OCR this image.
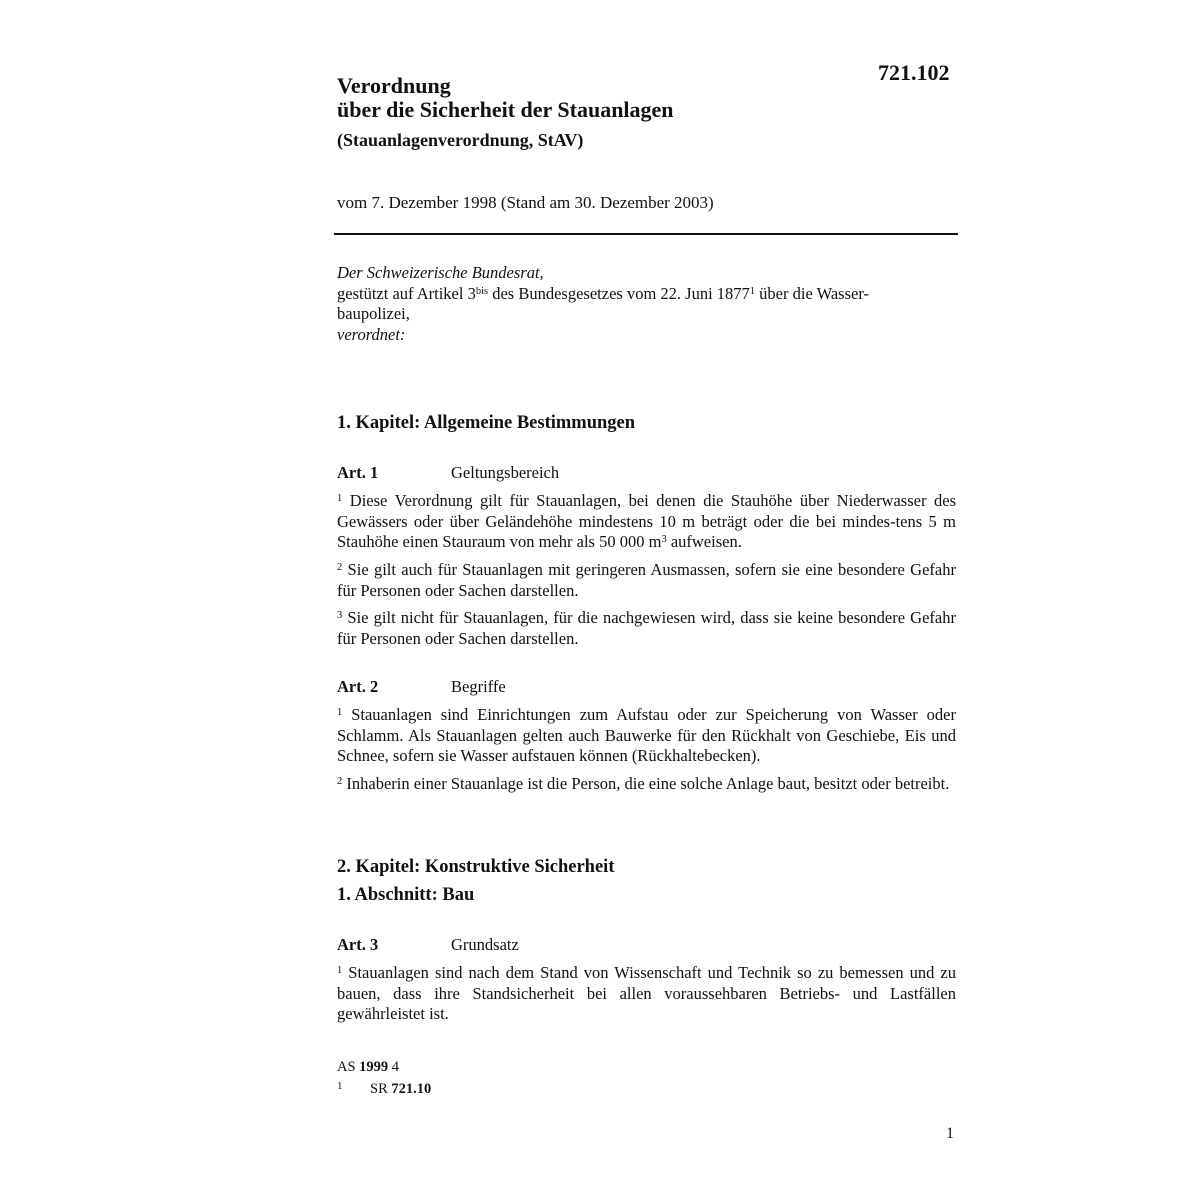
721.102
Verordnung
über die Sicherheit der Stauanlagen
(Stauanlagenverordnung, StAV)
vom 7. Dezember 1998 (Stand am 30. Dezember 2003)

Der Schweizerische Bundesrat,

gestützt auf Artikel $3^{bis}$ des Bundesgesetzes vom 22. Juni 1877$^1$ über die Wasser-
baupolizei,

verordnet:

1. Kapitel: Allgemeine Bestimmungen
Art. 1	Geltungsbereich
$^1$ Diese Verordnung gilt für Stauanlagen, bei denen die Stauhöhe über Niederwasser des Gewässers oder über Geländehöhe mindestens 10 m beträgt oder die bei mindes-tens 5 m Stauhöhe einen Stauraum von mehr als 50 000 $m^3$ aufweisen.
$^2$ Sie gilt auch für Stauanlagen mit geringeren Ausmassen, sofern sie eine besondere Gefahr für Personen oder Sachen darstellen.
$^3$ Sie gilt nicht für Stauanlagen, für die nachgewiesen wird, dass sie keine besondere Gefahr für Personen oder Sachen darstellen.
Art. 2	Begriffe
$^1$ Stauanlagen sind Einrichtungen zum Aufstau oder zur Speicherung von Wasser oder Schlamm. Als Stauanlagen gelten auch Bauwerke für den Rückhalt von Geschiebe, Eis und Schnee, sofern sie Wasser aufstauen können (Rückhaltebecken).
$^2$ Inhaberin einer Stauanlage ist die Person, die eine solche Anlage baut, besitzt oder betreibt.
2. Kapitel: Konstruktive Sicherheit
1. Abschnitt: Bau
Art. 3	Grundsatz
$^1$ Stauanlagen sind nach dem Stand von Wissenschaft und Technik so zu bemessen und zu bauen, dass ihre Standsicherheit bei allen voraussehbaren Betriebs- und Lastfällen gewährleistet ist.
AS 1999 4
1 SR 721.10
1
